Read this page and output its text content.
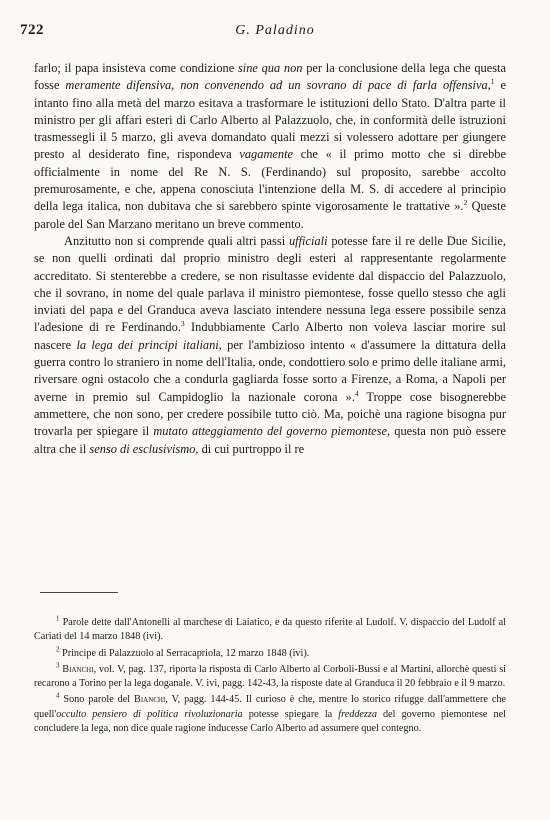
722	G. Paladino

farlo; il papa insisteva come condizione sine qua non per la conclusione della lega che questa fosse meramente difensiva, non convenendo ad un sovrano di pace di farla offensiva,$^1$ e intanto fino alla metà del marzo esitava a trasformare le istituzioni dello Stato. D'altra parte il ministro per gli affari esteri di Carlo Alberto al Palazzuolo, che, in conformità delle istruzioni trasmessegli il 5 marzo, gli aveva domandato quali mezzi si volessero adottare per giungere presto al desiderato fine, rispondeva vagamente che « il primo motto che si direbbe officialmente in nome del Re N. S. (Ferdinando) sul proposito, sarebbe accolto premurosamente, e che, appena conosciuta l'intenzione della M. S. di accedere al principio della lega italica, non dubitava che si sarebbero spinte vigorosamente le trattative ».$^2$ Queste parole del San Marzano meritano un breve commento.

Anzitutto non si comprende quali altri passi ufficiali potesse fare il re delle Due Sicilie, se non quelli ordinati dal proprio ministro degli esteri al rappresentante regolarmente accreditato. Si stenterebbe a credere, se non risultasse evidente dal dispaccio del Palazzuolo, che il sovrano, in nome del quale parlava il ministro piemontese, fosse quello stesso che agli inviati del papa e del Granduca aveva lasciato intendere nessuna lega essere possibile senza l'adesione di re Ferdinando.$^3$ Indubbiamente Carlo Alberto non voleva lasciar morire sul nascere la lega dei principi italiani, per l'ambizioso intento « d'assumere la dittatura della guerra contro lo straniero in nome dell'Italia, onde, condottiero solo e primo delle italiane armi, riversare ogni ostacolo che a condurla gagliarda fosse sorto a Firenze, a Roma, a Napoli per averne in premio sul Campidoglio la nazionale corona ».$^4$ Troppe cose bisognerebbe ammettere, che non sono, per credere possibile tutto ciò. Ma, poichè una ragione bisogna pur trovarla per spiegare il mutato atteggiamento del governo piemontese, questa non può essere altra che il senso di esclusivismo, di cui purtroppo il re

$^1$ Parole dette dall'Antonelli al marchese di Laiatico, e da questo riferite al Ludolf. V. dispaccio del Ludolf al Cariati del 14 marzo 1848 (ivi).

$^2$ Principe di Palazzuolo al Serracapriola, 12 marzo 1848 (ivi).

$^3$ Bianchi, vol. V, pag. 137, riporta la risposta di Carlo Alberto al Corboli-Bussi e al Martini, allorchè questi si recarono a Torino per la lega doganale. V. ivi, pagg. 142-43, la risposte date al Granduca il 20 febbraio e il 9 marzo.

$^4$ Sono parole del Bianchi, V, pagg. 144-45. Il curioso è che, mentre lo storico rifugge dall'ammettere che quell'occulto pensiero di politica rivoluzionaria potesse spiegare la freddezza del governo piemontese nel concludere la lega, non dice quale ragione inducesse Carlo Alberto ad assumere quel contegno.
